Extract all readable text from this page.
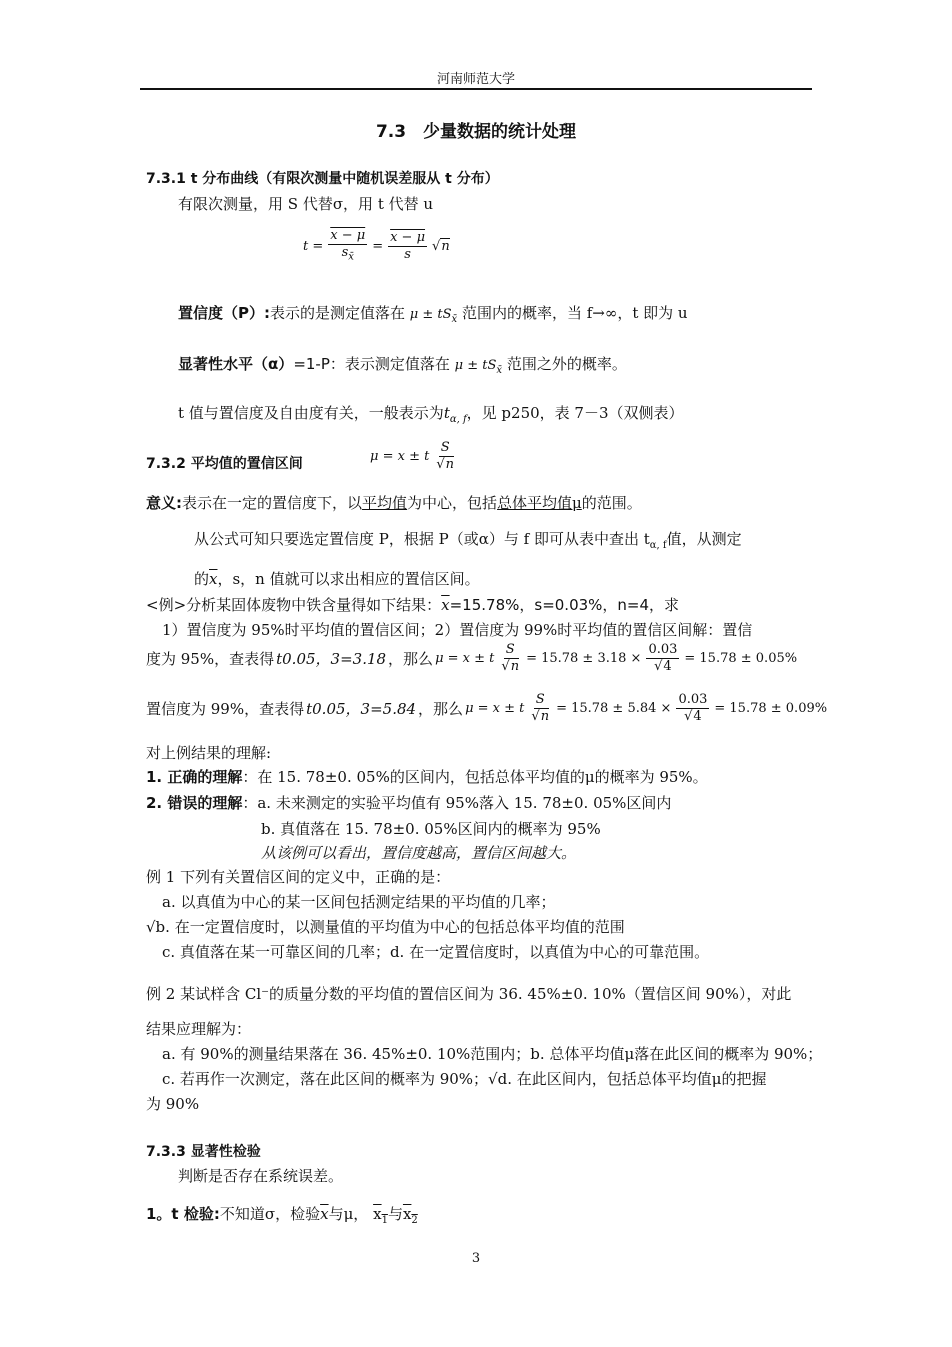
河南师范大学
7.3　少量数据的统计处理
7.3.1 t 分布曲线（有限次测量中随机误差服从 t 分布）
有限次测量，用 S 代替σ，用 t 代替 u
$t = \frac{x - \mu}{s_{x̄}} = \frac{x - \mu}{s} √n$
置信度（P）:表示的是测定值落在 $\mu \pm tS_{x̄}$ 范围内的概率，当 f→∞，t 即为 u
显著性水平（α）=1-P：表示测定值落在 $\mu \pm tS_{x̄}$ 范围之外的概率。
t 值与置信度及自由度有关，一般表示为$t_{\alpha, f}$，见 p250，表 7－3（双侧表）
7.3.2 平均值的置信区间	μ = x ± t $\frac{S}{√n}$
意义:表示在一定的置信度下，以平均值为中心，包括总体平均值μ的范围。
从公式可知只要选定置信度 P，根据 P（或α）与 f 即可从表中查出 $t_{\alpha, f}$值，从测定
的$\overline{x}$，s，n 值就可以求出相应的置信区间。
<例>分析某固体废物中铁含量得如下结果：$\overline{x}=15.78\%$，s=0.03%，n=4，求
1）置信度为 95%时平均值的置信区间；2）置信度为 99%时平均值的置信区间解：置信
度为 95%，查表得 t0.05，3=3.18 ，那么 μ = x ± t $\frac{S}{√n} = 15.78 \pm 3.18 \times \frac{0.03}{√4} = 15.78 \pm 0.05\%$
置信度为 99%，查表得 t0.05，3=5.84 ，那么 μ = x ± t $\frac{S}{√n} = 15.78 \pm 5.84 \times \frac{0.03}{√4} = 15.78 \pm 0.09\%$
对上例结果的理解:
1. 正确的理解：在 15. 78±0. 05%的区间内，包括总体平均值的μ的概率为 95%。
2. 错误的理解：a. 未来测定的实验平均值有 95%落入 15. 78±0. 05%区间内
b. 真值落在 15. 78±0. 05%区间内的概率为 95%
从该例可以看出，置信度越高，置信区间越大。
例 1 下列有关置信区间的定义中，正确的是：
a. 以真值为中心的某一区间包括测定结果的平均值的几率；
√b. 在一定置信度时，以测量值的平均值为中心的包括总体平均值的范围
c. 真值落在某一可靠区间的几率；d. 在一定置信度时，以真值为中心的可靠范围。
例 2 某试样含 Cl⁻的质量分数的平均值的置信区间为 36. 45%±0. 10%（置信区间 90%），对此
结果应理解为：
a. 有 90%的测量结果落在 36. 45%±0. 10%范围内；b. 总体平均值μ落在此区间的概率为 90%；
c. 若再作一次测定，落在此区间的概率为 90%；√d. 在此区间内，包括总体平均值μ的把握
为 90%
7.3.3 显著性检验
判断是否存在系统误差。
1。t 检验:不知道σ，检验$\overline{x}$与μ， $x_1$与$x_2$
3
